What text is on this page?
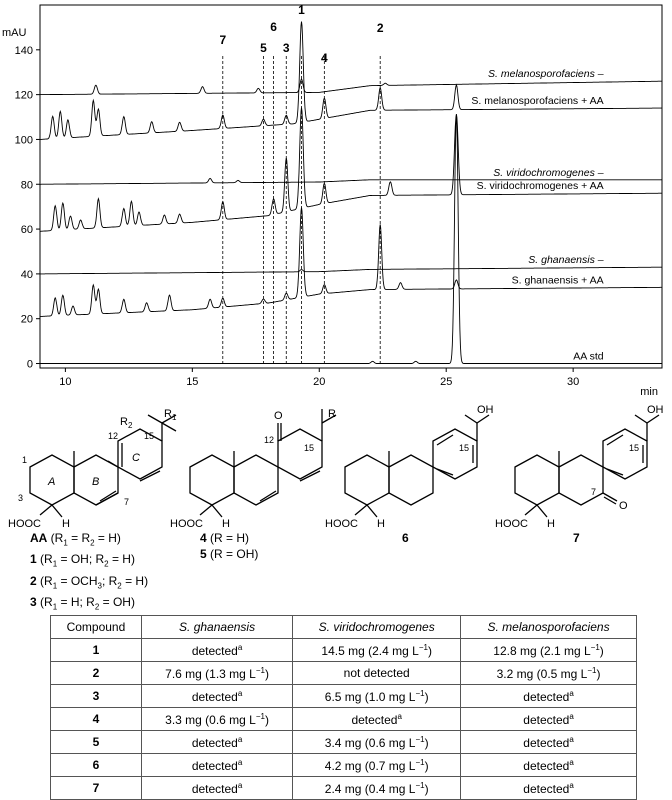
0
20
40
60
80
100
120
140
10	15	20	25	30
mAU
min
7
5
6
3
1
4
2
S. melanosporofaciens –
S. melanosporofaciens + AA
S. viridochromogenes –
S. viridochromogenes + AA
S. ghanaensis –
S. ghanaensis + AA
AA std
$R_2$
$R_1$
12	15
C
A	B
1
3	7
HOOC H
O
12
15
R
HOOC H
OH
15
HOOC H
OH
15
7
O
HOOC H
AA $(R_1 = R_2 = H)$
1 ($R_1$ = OH; $R_2 = H$)
2 ($R_1 = OCH_3$; $R_2 = H$)
3 ($R_1 = H$; $R_2 = OH$)
4 (R = H)
5 (R = OH)
6	7
Compound	S. ghanaensis	S. viridochromogenes	S. melanosporofaciens
1	detected$^a$	14.5 mg (2.4 mg $L^{-1}$)	12.8 mg (2.1 mg $L^{-1}$)
2	7.6 mg (1.3 mg $L^{-1}$)	not detected	3.2 mg (0.5 mg $L^{-1}$)
3	detected$^a$	6.5 mg (1.0 mg $L^{-1}$)	detected$^a$
4	3.3 mg (0.6 mg $L^{-1}$)	detected$^a$	detected$^a$
5	detected$^a$	3.4 mg (0.6 mg $L^{-1}$)	detected$^a$
6	detected$^a$	4.2 mg (0.7 mg $L^{-1}$)	detected$^a$
7	detected$^a$	2.4 mg (0.4 mg $L^{-1}$)	detected$^a$
